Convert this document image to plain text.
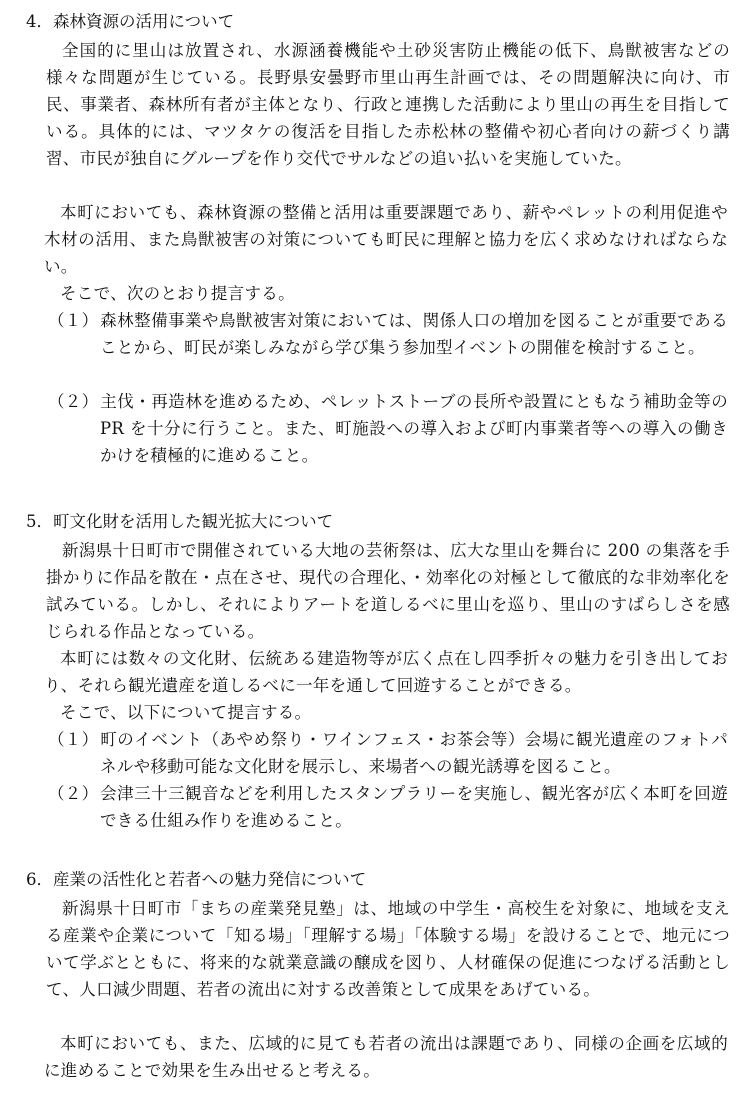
4．森林資源の活用について
全国的に里山は放置され、水源涵養機能や土砂災害防止機能の低下、鳥獣被害などの様々な問題が生じている。長野県安曇野市里山再生計画では、その問題解決に向け、市民、事業者、森林所有者が主体となり、行政と連携した活動により里山の再生を目指している。具体的には、マツタケの復活を目指した赤松林の整備や初心者向けの薪づくり講習、市民が独自にグループを作り交代でサルなどの追い払いを実施していた。
本町においても、森林資源の整備と活用は重要課題であり、薪やペレットの利用促進や木材の活用、また鳥獣被害の対策についても町民に理解と協力を広く求めなければならない。
そこで、次のとおり提言する。
（１）森林整備事業や鳥獣被害対策においては、関係人口の増加を図ることが重要であることから、町民が楽しみながら学び集う参加型イベントの開催を検討すること。
（２）主伐・再造林を進めるため、ペレットストーブの長所や設置にともなう補助金等の PR を十分に行うこと。また、町施設への導入および町内事業者等への導入の働きかけを積極的に進めること。
5．町文化財を活用した観光拡大について
新潟県十日町市で開催されている大地の芸術祭は、広大な里山を舞台に 200 の集落を手掛かりに作品を散在・点在させ、現代の合理化、・効率化の対極として徹底的な非効率化を試みている。しかし、それによりアートを道しるべに里山を巡り、里山のすばらしさを感じられる作品となっている。
本町には数々の文化財、伝統ある建造物等が広く点在し四季折々の魅力を引き出しており、それら観光遺産を道しるべに一年を通して回遊することができる。
そこで、以下について提言する。
（１）町のイベント（あやめ祭り・ワインフェス・お茶会等）会場に観光遺産のフォトパネルや移動可能な文化財を展示し、来場者への観光誘導を図ること。
（２）会津三十三観音などを利用したスタンプラリーを実施し、観光客が広く本町を回遊できる仕組み作りを進めること。
6．産業の活性化と若者への魅力発信について
新潟県十日町市「まちの産業発見塾」は、地域の中学生・高校生を対象に、地域を支える産業や企業について「知る場」「理解する場」「体験する場」を設けることで、地元について学ぶとともに、将来的な就業意識の醸成を図り、人材確保の促進につなげる活動として、人口減少問題、若者の流出に対する改善策として成果をあげている。
本町においても、また、広域的に見ても若者の流出は課題であり、同様の企画を広域的に進めることで効果を生み出せると考える。
